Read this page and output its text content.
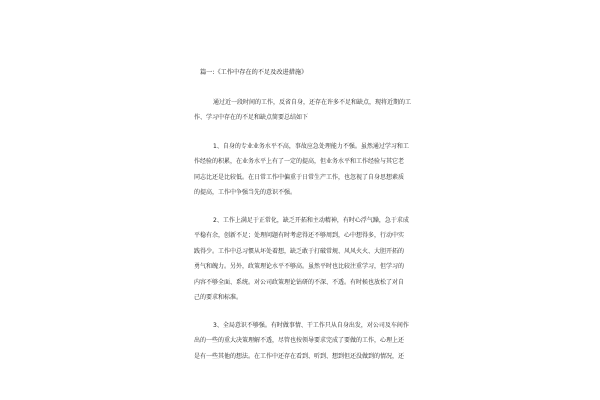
篇一:《工作中存在的不足及改进措施》
通过近一段时间的工作，反省自身，还存在许多不足和缺点，现将近期的工
作、学习中存在的不足和缺点简要总结如下
1、自身的专业业务水平不高，事故应急处理能力不强。虽然通过学习和工
作经验的积累，在业务水平上有了一定的提高，但业务水平和工作经验与其它老
同志比还是比较低。在日常工作中偏重于日常生产工作，也忽视了自身思想素质
的提高，工作中争强当先的意识不强。
2、工作上满足于正常化，缺乏开拓和主动精神，有时心浮气躁，急于求成
平稳有余，创新不足；处理问题有时考虑得还不够周到，心中想得多，行动中实
践得少。工作中总习惯从坏处着想，缺乏敢于打破常规、风风火火、大胆开拓的
勇气和魄力。另外，政策理论水平不够高。虽然平时也比较注重学习，但学习的
内容不够全面、系统。对公司政策理论钻研的不深、不透。有时候也放松了对自
己的要求和标准。
3、全局意识不够强。有时做事情、干工作只从自身出发，对公司及车间作
出的一些的重大决策理解不透，尽管也按领导要求完成了要做的工作，心理上还
是有一些其他的想法。在工作中还存在看到、听到、想到但还没做到的情况，还
